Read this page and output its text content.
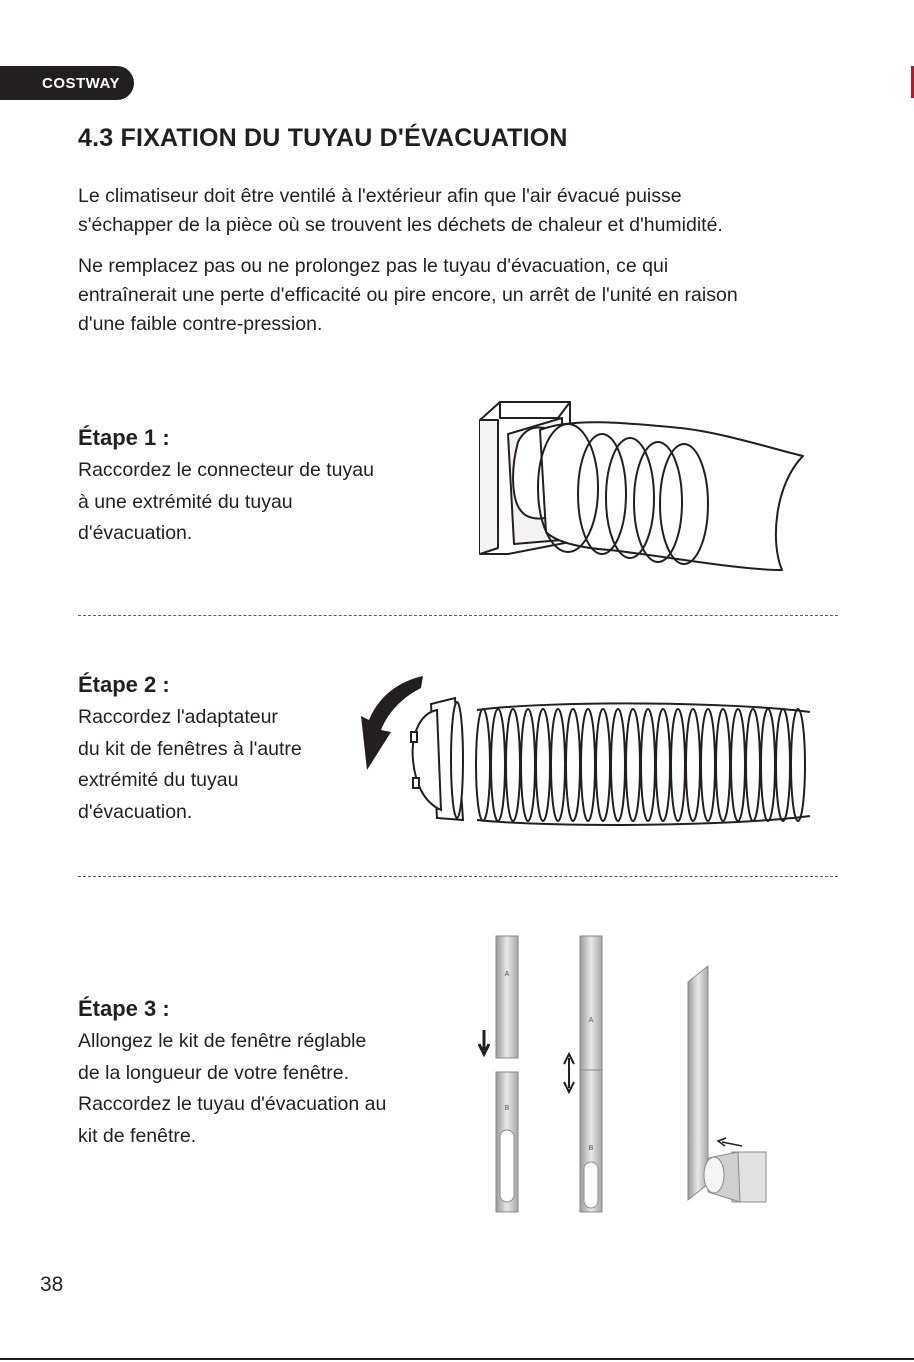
COSTWAY
4.3 FIXATION DU TUYAU D'ÉVACUATION

Le climatiseur doit être ventilé à l'extérieur afin que l'air évacué puisse
s'échapper de la pièce où se trouvent les déchets de chaleur et d'humidité.

Ne remplacez pas ou ne prolongez pas le tuyau d'évacuation, ce qui
entraînerait une perte d'efficacité ou pire encore, un arrêt de l'unité en raison
d'une faible contre-pression.

Étape 1 :

Raccordez le connecteur de tuyau
à une extrémité du tuyau
d'évacuation.

Étape 2 :

Raccordez l'adaptateur
du kit de fenêtres à l'autre
extrémité du tuyau
d'évacuation.

Étape 3 :

Allongez le kit de fenêtre réglable
de la longueur de votre fenêtre.
Raccordez le tuyau d'évacuation au
kit de fenêtre.

A
B
A
B
38
